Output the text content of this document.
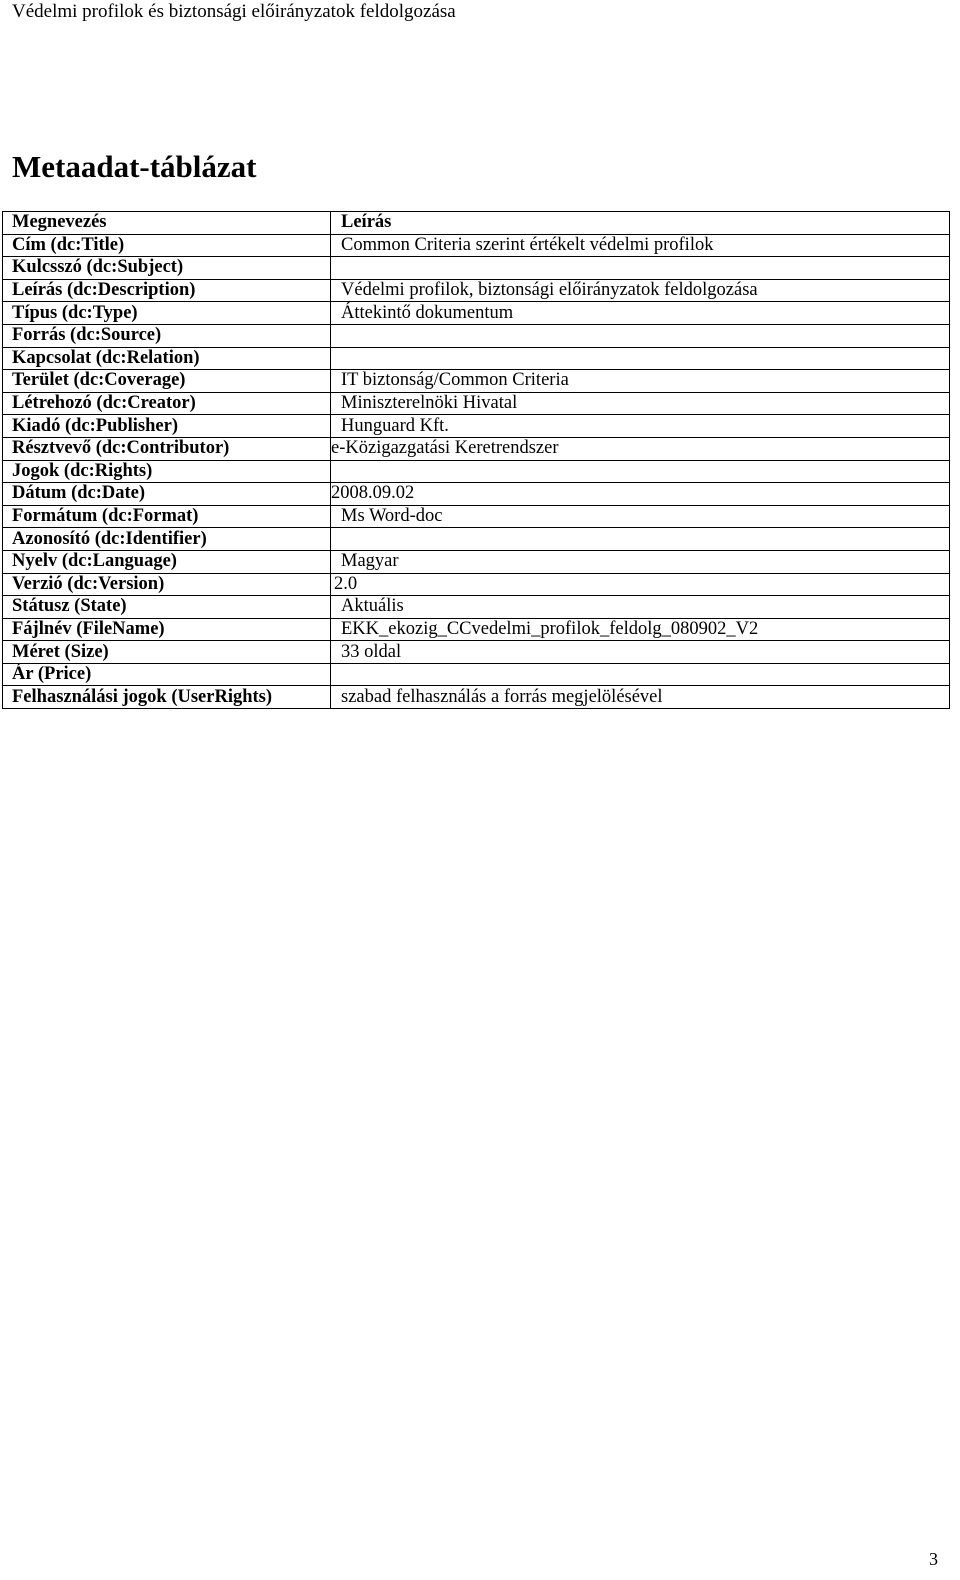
Védelmi profilok és biztonsági előirányzatok feldolgozása
Metaadat-táblázat
Megnevezés	Leírás
Cím (dc:Title)	Common Criteria szerint értékelt védelmi profilok
Kulcsszó (dc:Subject)	
Leírás (dc:Description)	Védelmi profilok, biztonsági előirányzatok feldolgozása
Típus (dc:Type)	Áttekintő dokumentum
Forrás (dc:Source)	
Kapcsolat (dc:Relation)	
Terület (dc:Coverage)	IT biztonság/Common Criteria
Létrehozó (dc:Creator)	Miniszterelnöki Hivatal
Kiadó (dc:Publisher)	Hunguard Kft.
Résztvevő (dc:Contributor)	e-Közigazgatási Keretrendszer
Jogok (dc:Rights)	
Dátum (dc:Date)	2008.09.02
Formátum (dc:Format)	Ms Word-doc
Azonosító (dc:Identifier)	
Nyelv (dc:Language)	Magyar
Verzió (dc:Version)	2.0
Státusz (State)	Aktuális
Fájlnév (FileName)	EKK_ekozig_CCvedelmi_profilok_feldolg_080902_V2
Méret (Size)	33 oldal
Ár (Price)	
Felhasználási jogok (UserRights)	szabad felhasználás a forrás megjelölésével
3
